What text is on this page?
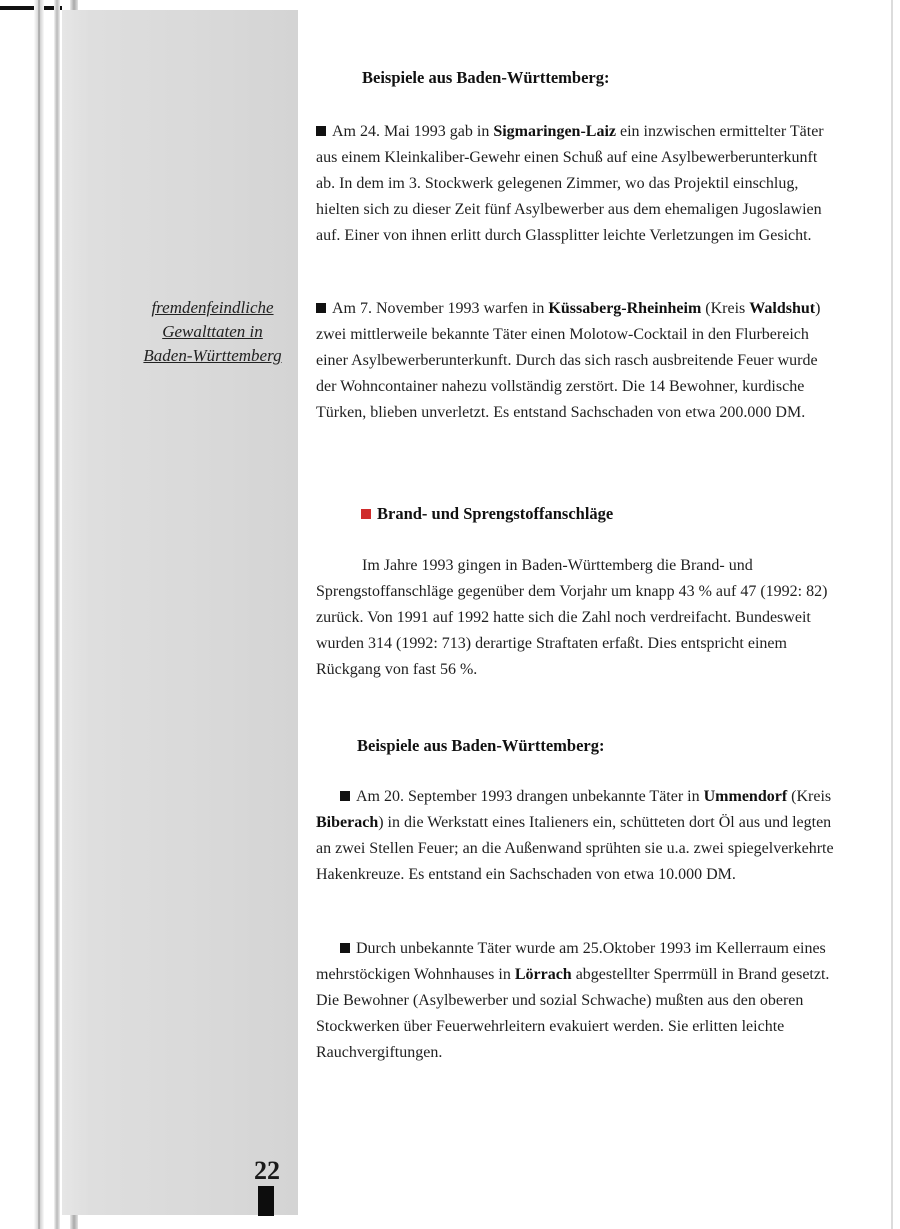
fremdenfeindliche
Gewalttaten in
Baden-Württemberg
22
Beispiele aus Baden-Württemberg:
Am 24. Mai 1993 gab in Sigmaringen-Laiz ein inzwischen ermittelter Täter aus einem Kleinkaliber-Gewehr einen Schuß auf eine Asylbewerberunterkunft ab. In dem im 3. Stockwerk gelegenen Zimmer, wo das Projektil einschlug, hielten sich zu dieser Zeit fünf Asylbewerber aus dem ehemaligen Jugoslawien auf. Einer von ihnen erlitt durch Glassplitter leichte Verletzungen im Gesicht.
Am 7. November 1993 warfen in Küssaberg-Rheinheim (Kreis Waldshut) zwei mittlerweile bekannte Täter einen Molotow-Cocktail in den Flurbereich einer Asylbewerberunterkunft. Durch das sich rasch ausbreitende Feuer wurde der Wohncontainer nahezu vollständig zerstört. Die 14 Bewohner, kurdische Türken, blieben unverletzt. Es entstand Sachschaden von etwa 200.000 DM.
Brand- und Sprengstoffanschläge
Im Jahre 1993 gingen in Baden-Württemberg die Brand- und Sprengstoffanschläge gegenüber dem Vorjahr um knapp 43 % auf 47 (1992: 82) zurück. Von 1991 auf 1992 hatte sich die Zahl noch verdreifacht. Bundesweit wurden 314 (1992: 713) derartige Straftaten erfaßt. Dies entspricht einem Rückgang von fast 56 %.
Beispiele aus Baden-Württemberg:
Am 20. September 1993 drangen unbekannte Täter in Ummendorf (Kreis Biberach) in die Werkstatt eines Italieners ein, schütteten dort Öl aus und legten an zwei Stellen Feuer; an die Außenwand sprühten sie u.a. zwei spiegelverkehrte Hakenkreuze. Es entstand ein Sachschaden von etwa 10.000 DM.
Durch unbekannte Täter wurde am 25.Oktober 1993 im Kellerraum eines mehrstöckigen Wohnhauses in Lörrach abgestellter Sperrmüll in Brand gesetzt. Die Bewohner (Asylbewerber und sozial Schwache) mußten aus den oberen Stockwerken über Feuerwehrleitern evakuiert werden. Sie erlitten leichte Rauchvergiftungen.
